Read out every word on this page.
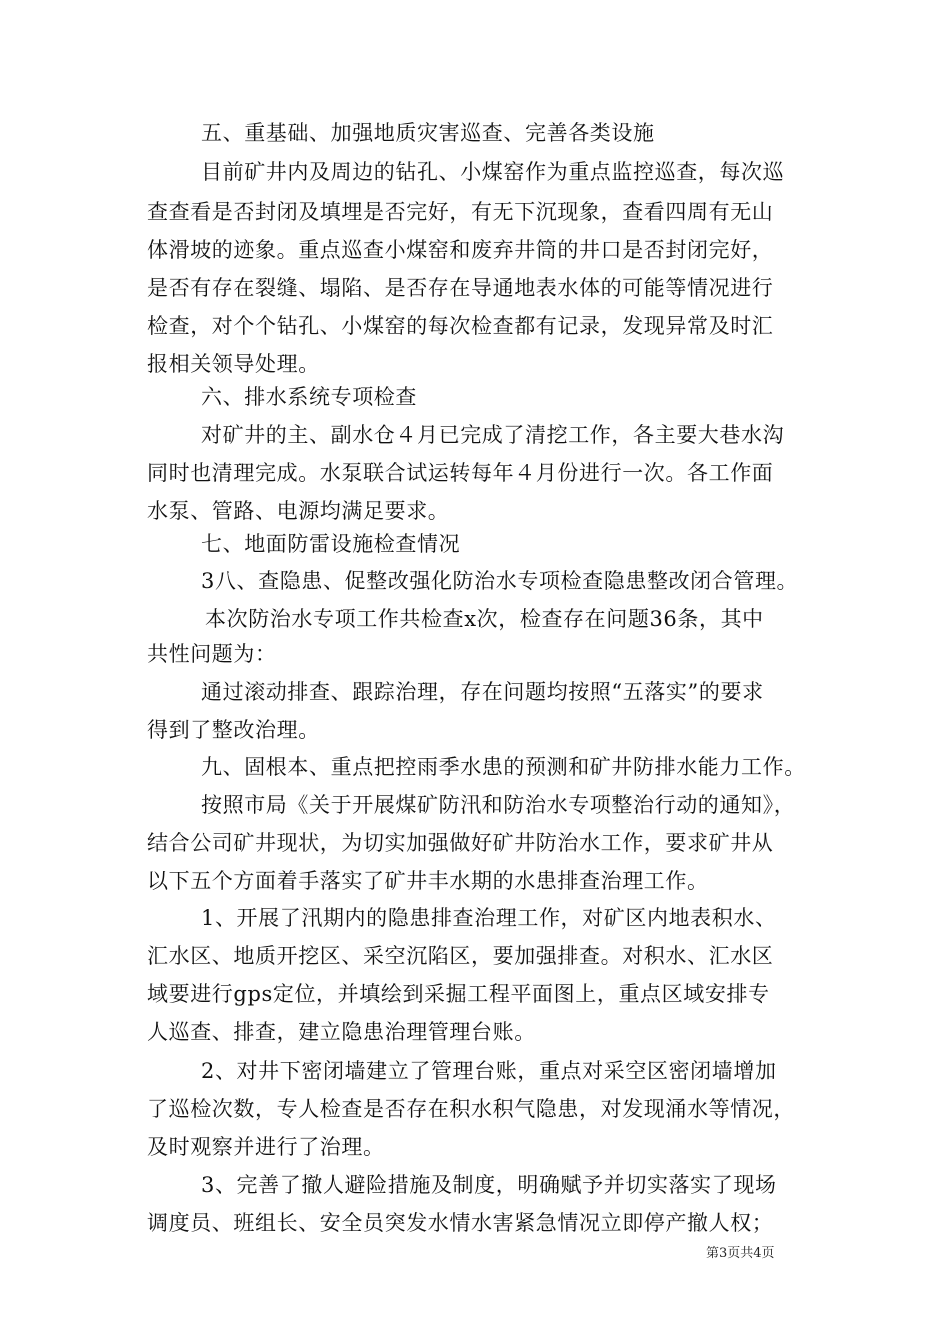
五、重基础、加强地质灾害巡查、完善各类设施
目前矿井内及周边的钻孔、小煤窑作为重点监控巡查，每次巡
查查看是否封闭及填埋是否完好，有无下沉现象，查看四周有无山
体滑坡的迹象。重点巡查小煤窑和废弃井筒的井口是否封闭完好，
是否有存在裂缝、塌陷、是否存在导通地表水体的可能等情况进行
检查，对个个钻孔、小煤窑的每次检查都有记录，发现异常及时汇
报相关领导处理。
六、排水系统专项检查
对矿井的主、副水仓４月已完成了清挖工作，各主要大巷水沟
同时也清理完成。水泵联合试运转每年４月份进行一次。各工作面
水泵、管路、电源均满足要求。
七、地面防雷设施检查情况
3八、查隐患、促整改强化防治水专项检查隐患整改闭合管理。
本次防治水专项工作共检查x次，检查存在问题36条，其中
共性问题为：
通过滚动排查、跟踪治理，存在问题均按照“五落实”的要求
得到了整改治理。
九、固根本、重点把控雨季水患的预测和矿井防排水能力工作。
按照市局《关于开展煤矿防汛和防治水专项整治行动的通知》，
结合公司矿井现状，为切实加强做好矿井防治水工作，要求矿井从
以下五个方面着手落实了矿井丰水期的水患排查治理工作。
1、开展了汛期内的隐患排查治理工作，对矿区内地表积水、
汇水区、地质开挖区、采空沉陷区，要加强排查。对积水、汇水区
域要进行gps定位，并填绘到采掘工程平面图上，重点区域安排专
人巡查、排查，建立隐患治理管理台账。
2、对井下密闭墙建立了管理台账，重点对采空区密闭墙增加
了巡检次数，专人检查是否存在积水积气隐患，对发现涌水等情况，
及时观察并进行了治理。
3、完善了撤人避险措施及制度，明确赋予并切实落实了现场
调度员、班组长、安全员突发水情水害紧急情况立即停产撤人权；
第3页共4页
